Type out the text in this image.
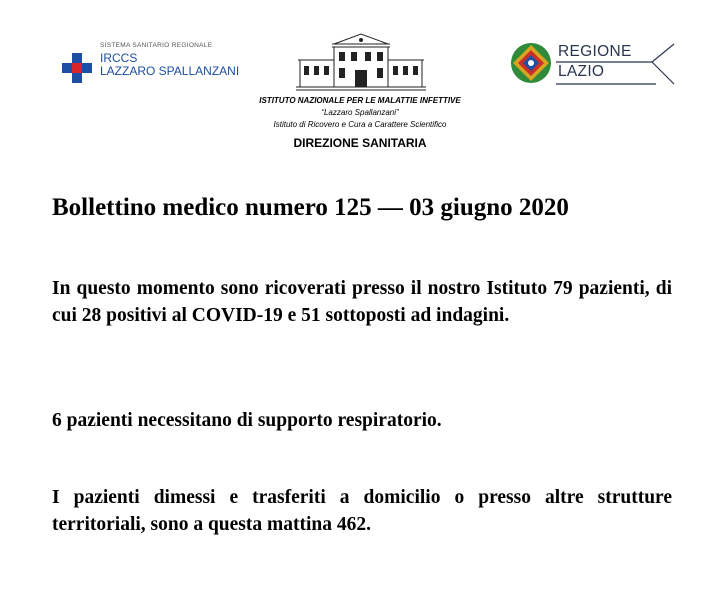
SISTEMA SANITARIO REGIONALE
IRCCS
LAZZARO SPALLANZANI
ISTITUTO NAZIONALE PER LE MALATTIE INFETTIVE
“Lazzaro Spallanzani”
Istituto di Ricovero e Cura a Carattere Scientifico
DIREZIONE SANITARIA
REGIONE
LAZIO
Bollettino medico numero 125 — 03 giugno 2020
In questo momento sono ricoverati presso il nostro Istituto 79 pazienti, di cui 28 positivi al COVID-19 e 51 sottoposti ad indagini.
6 pazienti necessitano di supporto respiratorio.
I pazienti dimessi e trasferiti a domicilio o presso altre strutture territoriali, sono a questa mattina 462.
